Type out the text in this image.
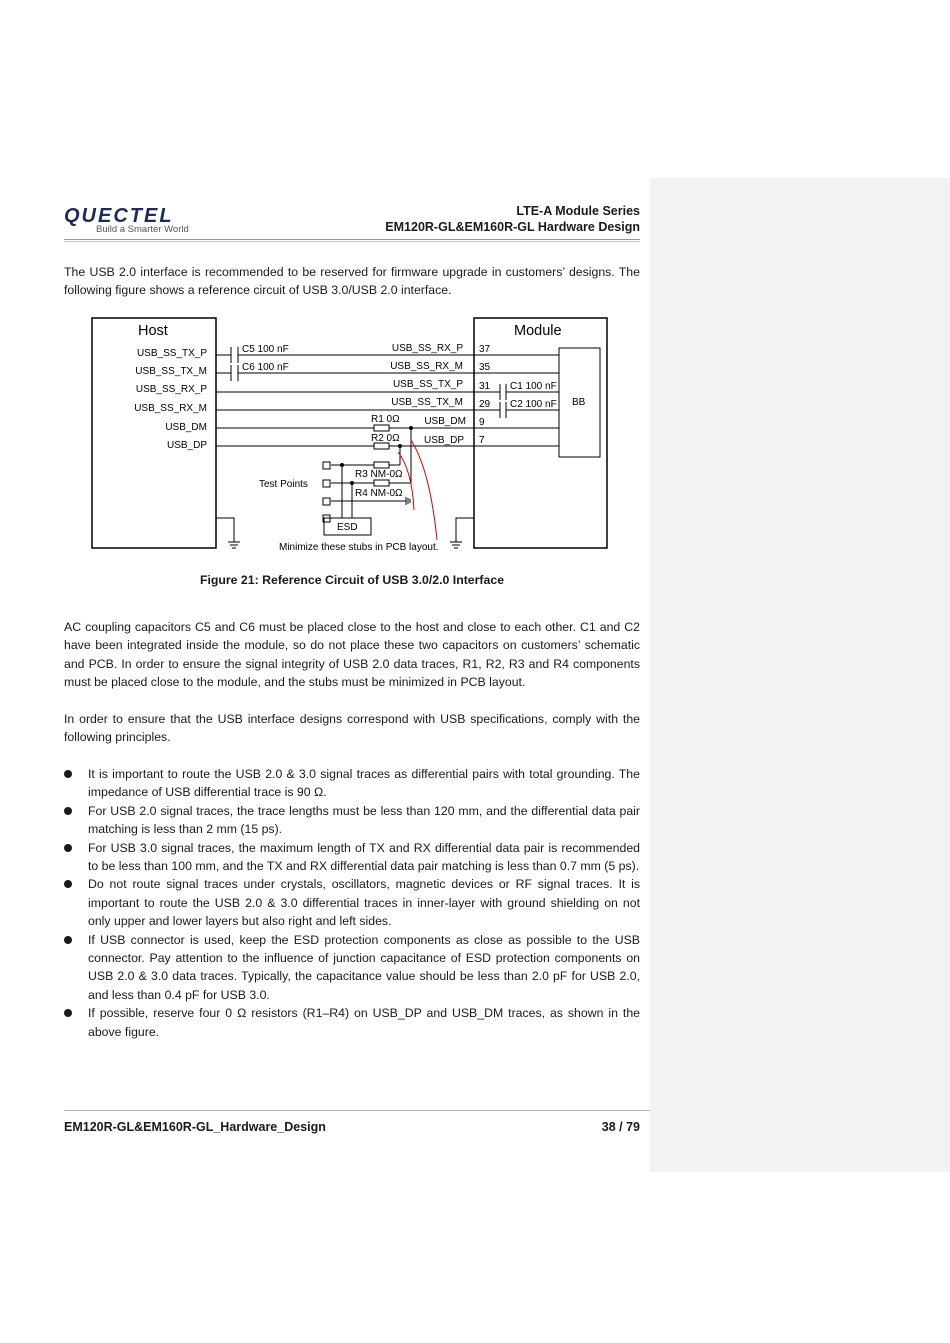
QUECTEL
Build a Smarter World
LTE-A Module Series
EM120R-GL&EM160R-GL Hardware Design
The USB 2.0 interface is recommended to be reserved for firmware upgrade in customers’ designs. The following figure shows a reference circuit of USB 3.0/USB 2.0 interface.
Host	Module
BB
USB_SS_TX_P
USB_SS_TX_M
USB_SS_RX_P
USB_SS_RX_M
USB_DM
USB_DP
USB_SS_RX_P
USB_SS_RX_M
USB_SS_TX_P
USB_SS_TX_M
USB_DM
USB_DP
37
35
31
29
9
7
C5 100 nF
C6 100 nF
C1 100 nF
C2 100 nF
R1 0Ω
R2 0Ω
R3 NM-0Ω
R4 NM-0Ω
Test Points
ESD
Minimize these stubs in PCB layout.
Figure 21: Reference Circuit of USB 3.0/2.0 Interface
AC coupling capacitors C5 and C6 must be placed close to the host and close to each other. C1 and C2 have been integrated inside the module, so do not place these two capacitors on customers’ schematic and PCB. In order to ensure the signal integrity of USB 2.0 data traces, R1, R2, R3 and R4 components must be placed close to the module, and the stubs must be minimized in PCB layout.
In order to ensure that the USB interface designs correspond with USB specifications, comply with the following principles.
It is important to route the USB 2.0 & 3.0 signal traces as differential pairs with total grounding. The impedance of USB differential trace is 90 Ω.
For USB 2.0 signal traces, the trace lengths must be less than 120 mm, and the differential data pair matching is less than 2 mm (15 ps).
For USB 3.0 signal traces, the maximum length of TX and RX differential data pair is recommended to be less than 100 mm, and the TX and RX differential data pair matching is less than 0.7 mm (5 ps).
Do not route signal traces under crystals, oscillators, magnetic devices or RF signal traces. It is important to route the USB 2.0 & 3.0 differential traces in inner-layer with ground shielding on not only upper and lower layers but also right and left sides.
If USB connector is used, keep the ESD protection components as close as possible to the USB connector. Pay attention to the influence of junction capacitance of ESD protection components on USB 2.0 & 3.0 data traces. Typically, the capacitance value should be less than 2.0 pF for USB 2.0, and less than 0.4 pF for USB 3.0.
If possible, reserve four 0 Ω resistors (R1–R4) on USB_DP and USB_DM traces, as shown in the above figure.
EM120R-GL&EM160R-GL_Hardware_Design	38 / 79
